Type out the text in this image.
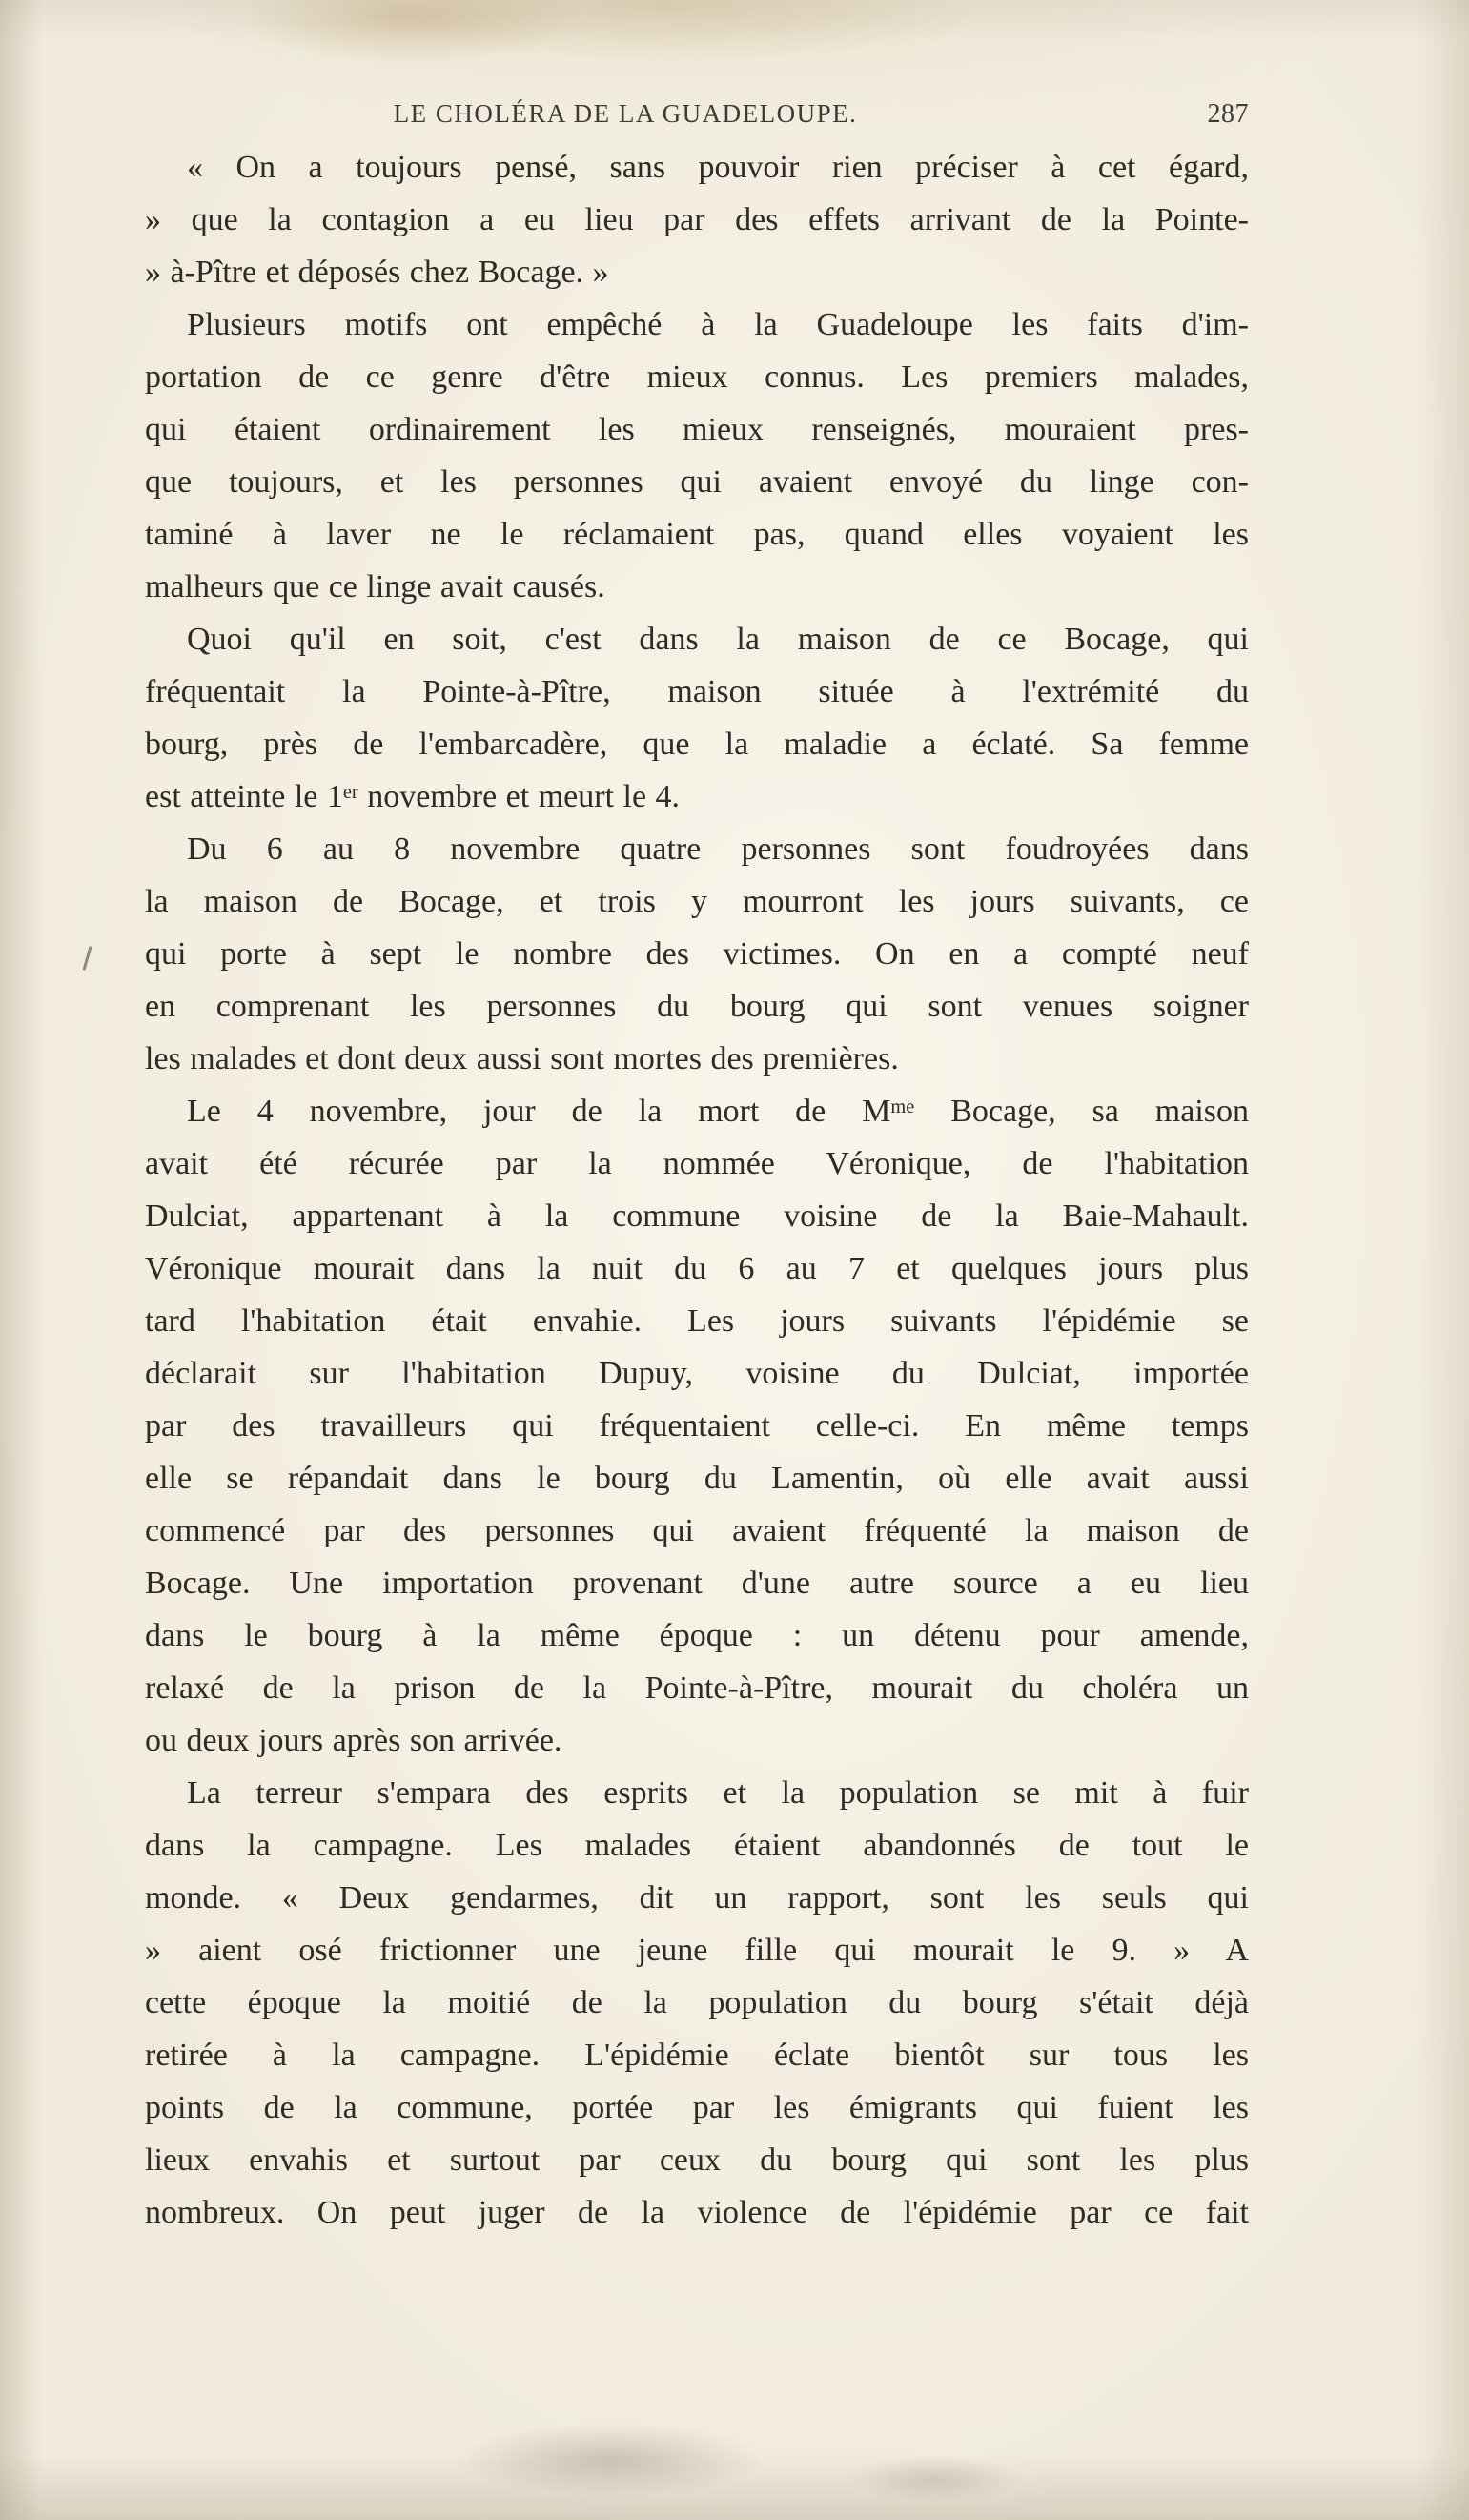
LE CHOLÉRA DE LA GUADELOUPE.	287
« On a toujours pensé, sans pouvoir rien préciser à cet égard,
» que la contagion a eu lieu par des effets arrivant de la Pointe-
» à-Pître et déposés chez Bocage. »
Plusieurs motifs ont empêché à la Guadeloupe les faits d'im-
portation de ce genre d'être mieux connus. Les premiers malades,
qui étaient ordinairement les mieux renseignés, mouraient pres-
que toujours, et les personnes qui avaient envoyé du linge con-
taminé à laver ne le réclamaient pas, quand elles voyaient les
malheurs que ce linge avait causés.
Quoi qu'il en soit, c'est dans la maison de ce Bocage, qui
fréquentait la Pointe-à-Pître, maison située à l'extrémité du
bourg, près de l'embarcadère, que la maladie a éclaté. Sa femme
est atteinte le 1er novembre et meurt le 4.
Du 6 au 8 novembre quatre personnes sont foudroyées dans
la maison de Bocage, et trois y mourront les jours suivants, ce
qui porte à sept le nombre des victimes. On en a compté neuf
en comprenant les personnes du bourg qui sont venues soigner
les malades et dont deux aussi sont mortes des premières.
Le 4 novembre, jour de la mort de $M^{me}$ Bocage, sa maison
avait été récurée par la nommée Véronique, de l'habitation
Dulciat, appartenant à la commune voisine de la Baie-Mahault.
Véronique mourait dans la nuit du 6 au 7 et quelques jours plus
tard l'habitation était envahie. Les jours suivants l'épidémie se
déclarait sur l'habitation Dupuy, voisine du Dulciat, importée
par des travailleurs qui fréquentaient celle-ci. En même temps
elle se répandait dans le bourg du Lamentin, où elle avait aussi
commencé par des personnes qui avaient fréquenté la maison de
Bocage. Une importation provenant d'une autre source a eu lieu
dans le bourg à la même époque : un détenu pour amende,
relaxé de la prison de la Pointe-à-Pître, mourait du choléra un
ou deux jours après son arrivée.
La terreur s'empara des esprits et la population se mit à fuir
dans la campagne. Les malades étaient abandonnés de tout le
monde. « Deux gendarmes, dit un rapport, sont les seuls qui
» aient osé frictionner une jeune fille qui mourait le 9. » A
cette époque la moitié de la population du bourg s'était déjà
retirée à la campagne. L'épidémie éclate bientôt sur tous les
points de la commune, portée par les émigrants qui fuient les
lieux envahis et surtout par ceux du bourg qui sont les plus
nombreux. On peut juger de la violence de l'épidémie par ce fait
